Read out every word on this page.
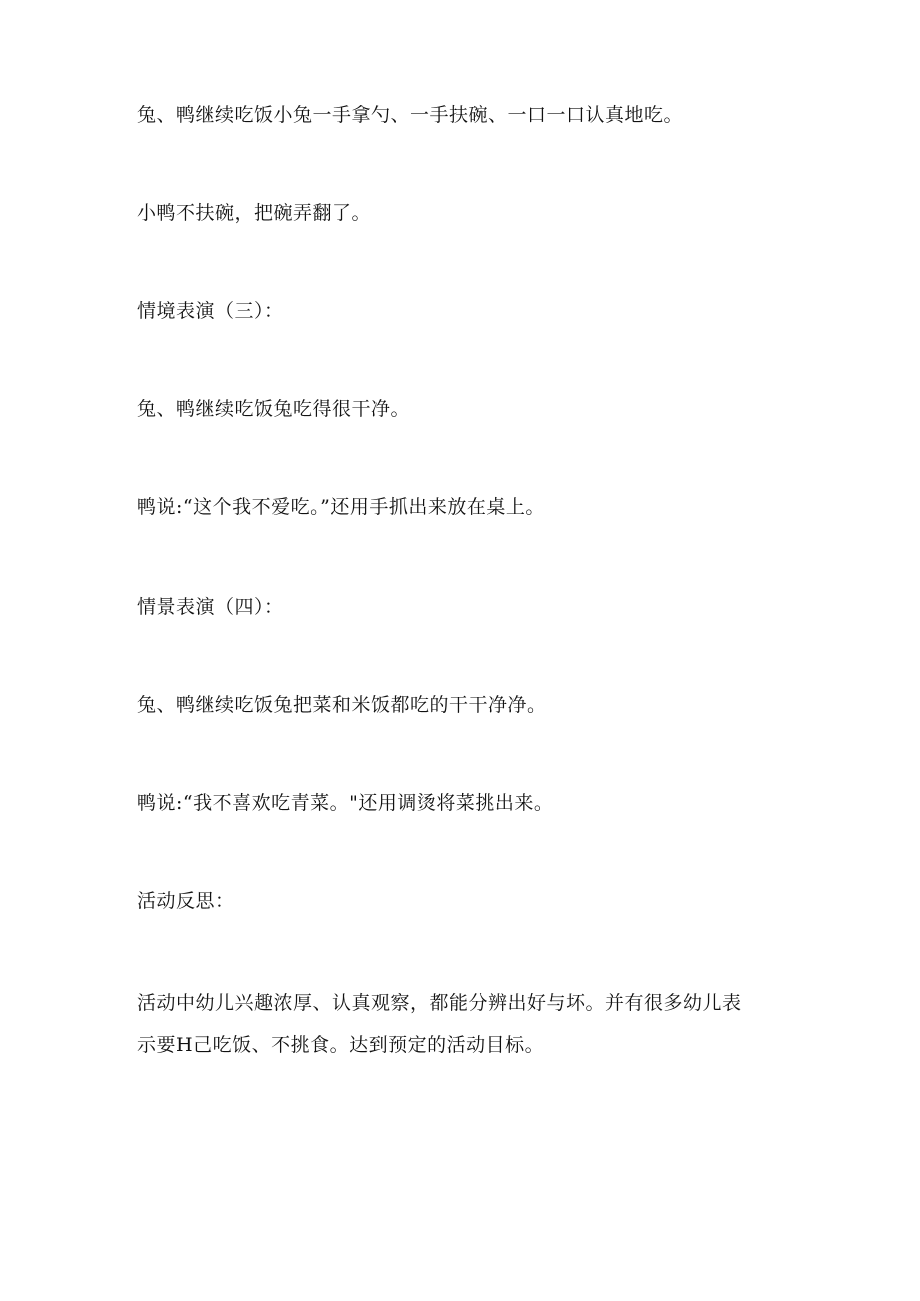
兔、鸭继续吃饭小兔一手拿勺、一手扶碗、一口一口认真地吃。

小鸭不扶碗，把碗弄翻了。

情境表演（三）：

兔、鸭继续吃饭兔吃得很干净。

鸭说:“这个我不爱吃。”还用手抓出来放在桌上。

情景表演（四）：

兔、鸭继续吃饭兔把菜和米饭都吃的干干净净。

鸭说:“我不喜欢吃青菜。"还用调烫将菜挑出来。

活动反思：

活动中幼儿兴趣浓厚、认真观察，都能分辨出好与坏。并有很多幼儿表示要H己吃饭、不挑食。达到预定的活动目标。
